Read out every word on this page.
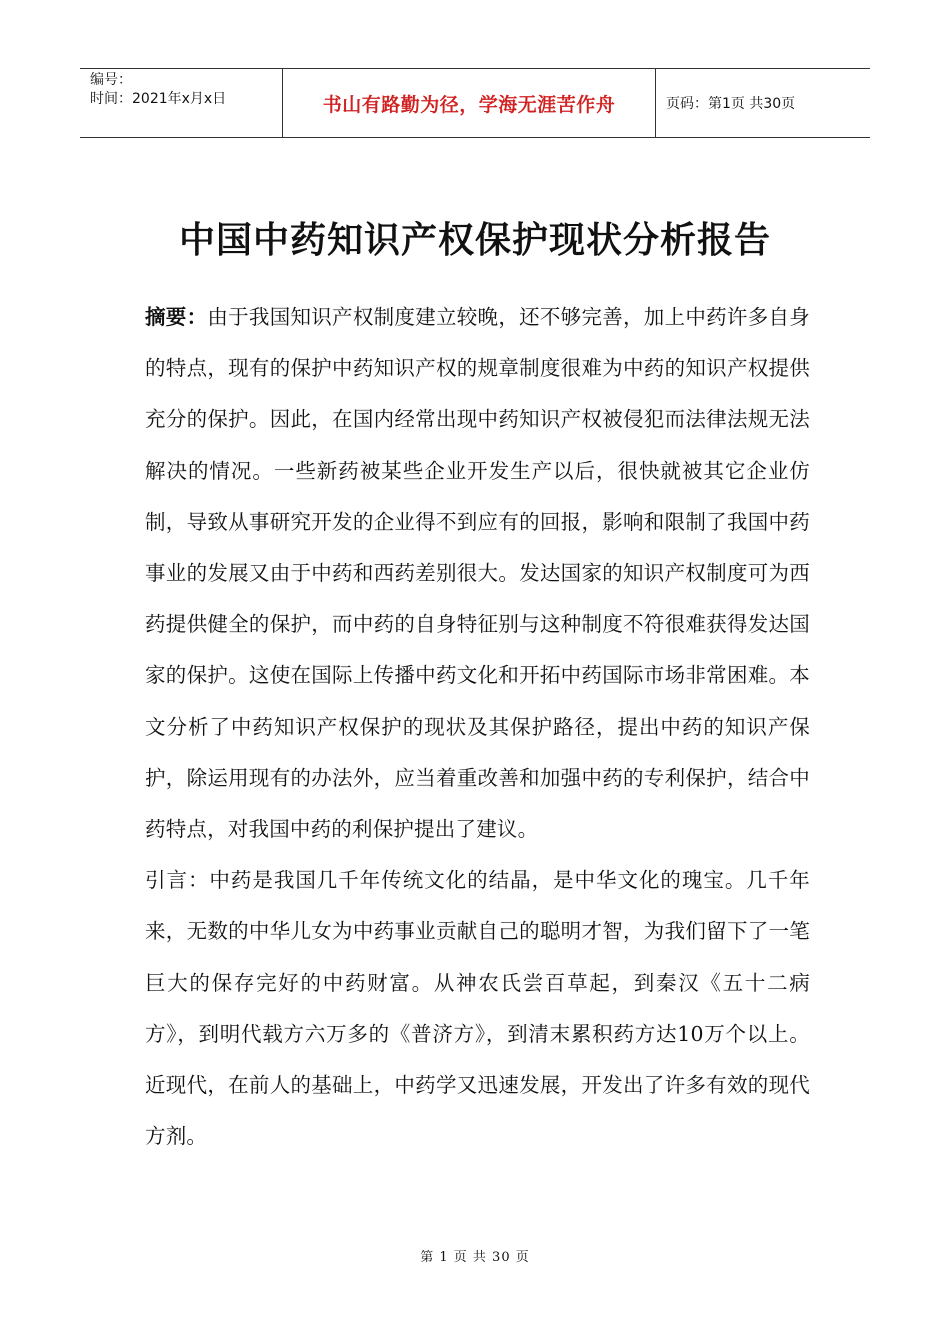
编号：
时间：2021年x月x日	书山有路勤为径，学海无涯苦作舟	页码：第1页 共30页
中国中药知识产权保护现状分析报告

摘要：由于我国知识产权制度建立较晚，还不够完善，加上中药许多自身的特点，现有的保护中药知识产权的规章制度很难为中药的知识产权提供充分的保护。因此，在国内经常出现中药知识产权被侵犯而法律法规无法解决的情况。一些新药被某些企业开发生产以后，很快就被其它企业仿制，导致从事研究开发的企业得不到应有的回报，影响和限制了我国中药事业的发展又由于中药和西药差别很大。发达国家的知识产权制度可为西药提供健全的保护，而中药的自身特征别与这种制度不符很难获得发达国家的保护。这使在国际上传播中药文化和开拓中药国际市场非常困难。本文分析了中药知识产权保护的现状及其保护路径，提出中药的知识产保护，除运用现有的办法外，应当着重改善和加强中药的专利保护，结合中药特点，对我国中药的利保护提出了建议。

引言：中药是我国几千年传统文化的结晶，是中华文化的瑰宝。几千年来，无数的中华儿女为中药事业贡献自己的聪明才智，为我们留下了一笔巨大的保存完好的中药财富。从神农氏尝百草起，到秦汉《五十二病方》，到明代载方六万多的《普济方》，到清末累积药方达10万个以上。近现代，在前人的基础上，中药学又迅速发展，开发出了许多有效的现代方剂。

第 1 页 共 30 页
